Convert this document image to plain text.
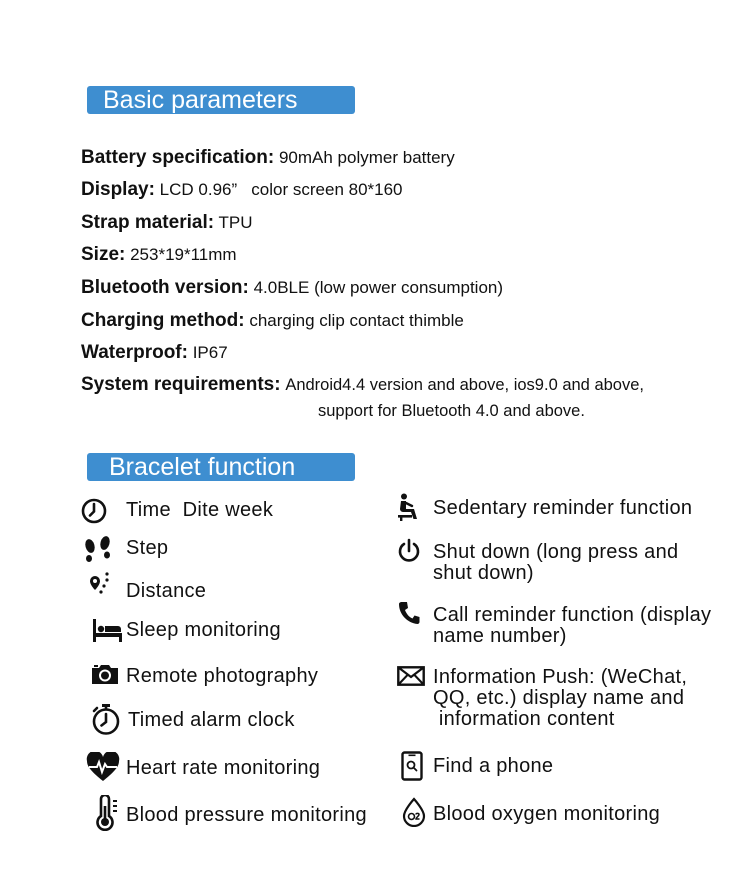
Basic parameters
Battery specification: 90mAh polymer battery
Display: LCD 0.96”   color screen 80*160
Strap material: TPU
Size: 253*19*11mm
Bluetooth version: 4.0BLE (low power consumption)
Charging method: charging clip contact thimble
Waterproof: IP67
System requirements: Android4.4 version and above, ios9.0 and above,
support for Bluetooth 4.0 and above.
Bracelet function
Time  Dite week
Step
Distance
Sleep monitoring
Remote photography
Timed alarm clock
Heart rate monitoring
Blood pressure monitoring
Sedentary reminder function
Shut down (long press and
shut down)
Call reminder function (display
name number)
Information Push: (WeChat,
QQ, etc.) display name and
information content
Find a phone
Blood oxygen monitoring
